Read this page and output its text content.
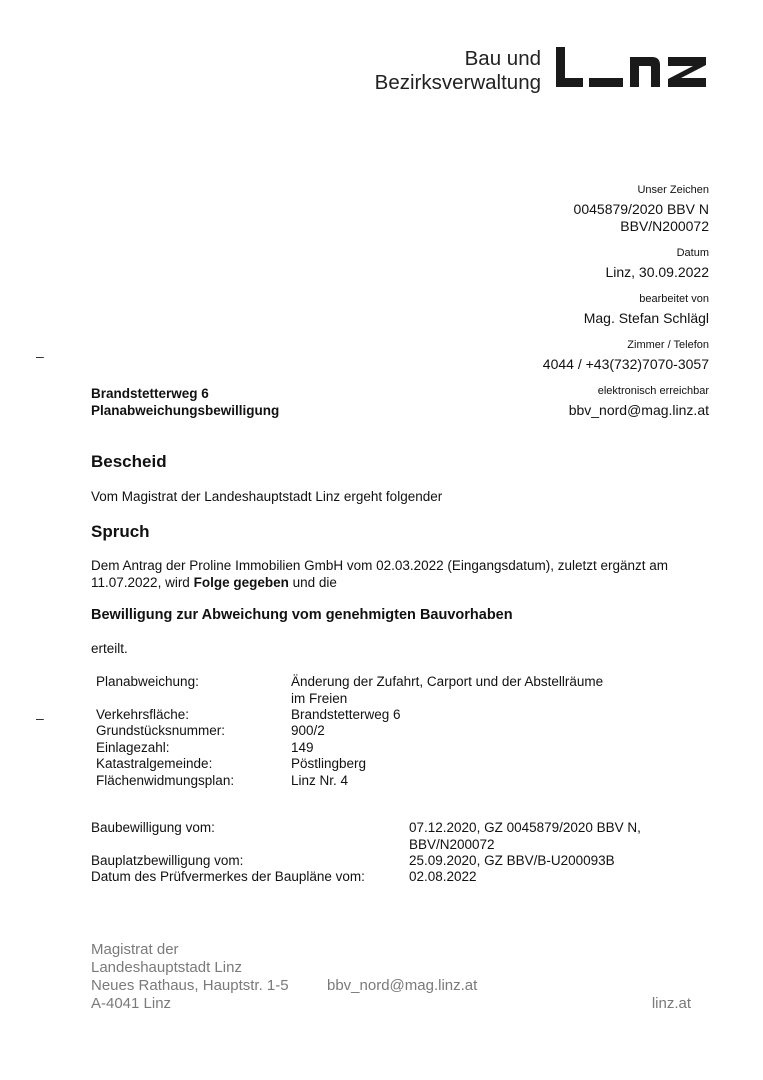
Bau und
Bezirksverwaltung
Unser Zeichen
0045879/2020 BBV N
BBV/N200072
Datum
Linz, 30.09.2022
bearbeitet von
Mag. Stefan Schlägl
Zimmer / Telefon
4044 / +43(732)7070-3057
elektronisch erreichbar
bbv_nord@mag.linz.at
–
–
Brandstetterweg 6
Planabweichungsbewilligung
Bescheid
Vom Magistrat der Landeshauptstadt Linz ergeht folgender
Spruch
Dem Antrag der Proline Immobilien GmbH vom 02.03.2022 (Eingangsdatum), zuletzt ergänzt am 11.07.2022, wird Folge gegeben und die
Bewilligung zur Abweichung vom genehmigten Bauvorhaben
erteilt.
Planabweichung:	Änderung der Zufahrt, Carport und der Abstellräume
im Freien
Verkehrsfläche:	Brandstetterweg 6
Grundstücksnummer:	900/2
Einlagezahl:	149
Katastralgemeinde:	Pöstlingberg
Flächenwidmungsplan:	Linz Nr. 4
Baubewilligung vom:	07.12.2020, GZ 0045879/2020 BBV N,
BBV/N200072
Bauplatzbewilligung vom:	25.09.2020, GZ BBV/B-U200093B
Datum des Prüfvermerkes der Baupläne vom:	02.08.2022
Magistrat der
Landeshauptstadt Linz
Neues Rathaus, Hauptstr. 1-5
A-4041 Linz
bbv_nord@mag.linz.at
linz.at
